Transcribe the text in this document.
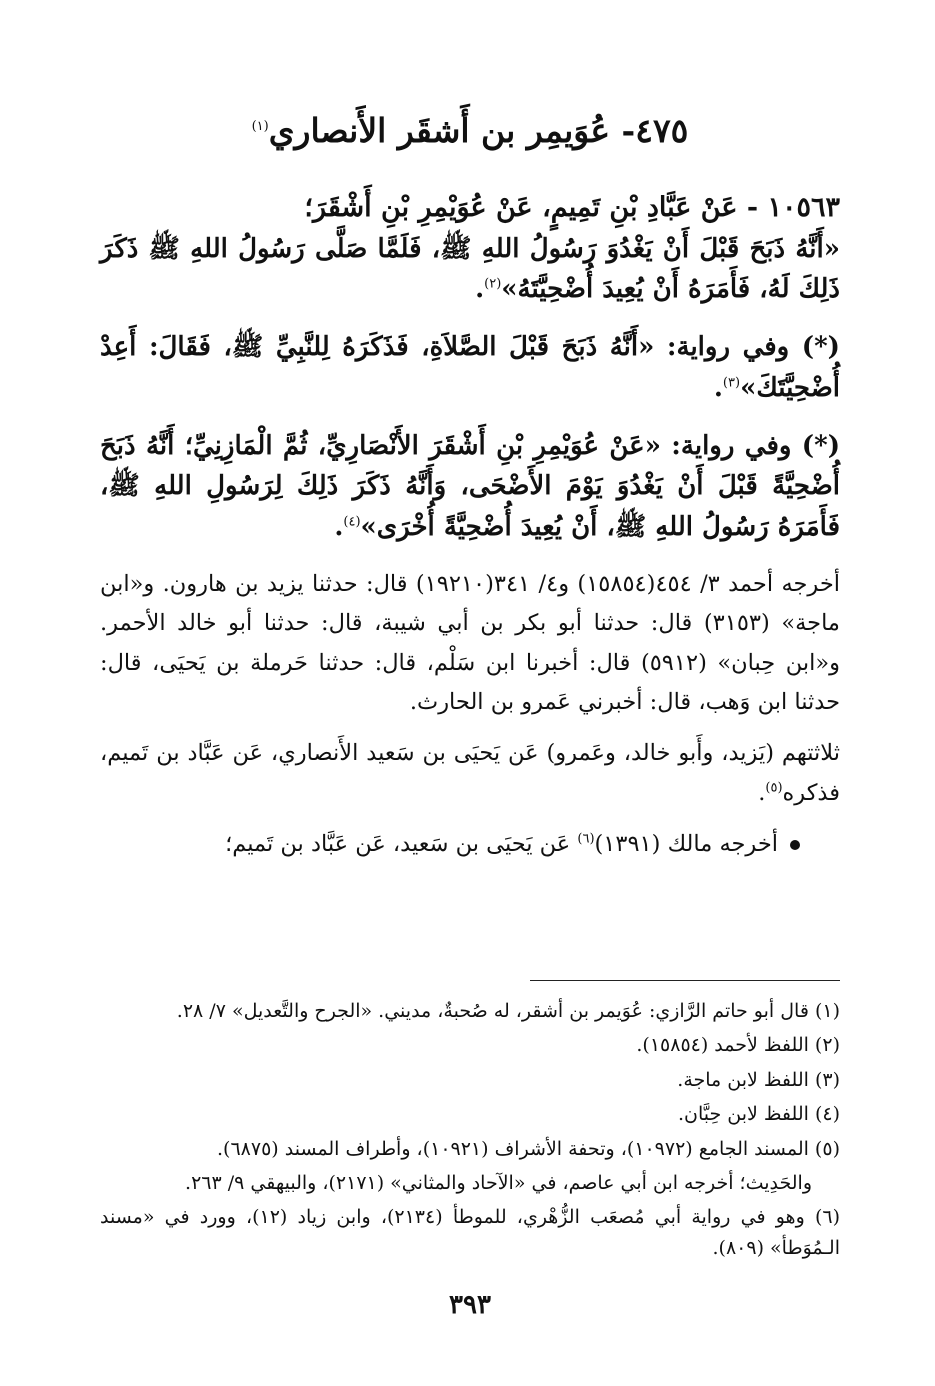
٤٧٥- عُوَيمِر بن أَشقَر الأَنصاري$^{(١)}$
١٠٥٦٣ - عَنْ عَبَّادِ بْنِ تَمِيمٍ، عَنْ عُوَيْمِرِ بْنِ أَشْقَرَ؛

«أَنَّهُ ذَبَحَ قَبْلَ أَنْ يَغْدُوَ رَسُولُ اللهِ ﷺ، فَلَمَّا صَلَّى رَسُولُ اللهِ ﷺ ذَكَرَ ذَلِكَ لَهُ، فَأَمَرَهُ أَنْ يُعِيدَ أُضْحِيَّتَهُ»$^{(٢)}$.

(*) وفي رواية: «أَنَّهُ ذَبَحَ قَبْلَ الصَّلاَةِ، فَذَكَرَهُ لِلنَّبِيِّ ﷺ، فَقَالَ: أَعِدْ أُضْحِيَّتَكَ»$^{(٣)}$.

(*) وفي رواية: «عَنْ عُوَيْمِرِ بْنِ أَشْقَرَ الأَنْصَارِيِّ، ثُمَّ الْمَازِنِيِّ؛ أَنَّهُ ذَبَحَ أُضْحِيَّةً قَبْلَ أَنْ يَغْدُوَ يَوْمَ الأَضْحَى، وَأَنَّهُ ذَكَرَ ذَلِكَ لِرَسُولِ اللهِ ﷺ، فَأَمَرَهُ رَسُولُ اللهِ ﷺ، أَنْ يُعِيدَ أُضْحِيَّةً أُخْرَى»$^{(٤)}$.

أخرجه أحمد ٣/ ٤٥٤(١٥٨٥٤) و٤/ ٣٤١(١٩٢١٠) قال: حدثنا يزيد بن هارون. و«ابن ماجة» (٣١٥٣) قال: حدثنا أبو بكر بن أبي شيبة، قال: حدثنا أبو خالد الأحمر. و«ابن حِبان» (٥٩١٢) قال: أخبرنا ابن سَلْم، قال: حدثنا حَرملة بن يَحيَى، قال: حدثنا ابن وَهب، قال: أخبرني عَمرو بن الحارث.

ثلاثتهم (يَزيد، وأَبو خالد، وعَمرو) عَن يَحيَى بن سَعيد الأَنصاري، عَن عَبَّاد بن تَميم، فذكره$^{(٥)}$.

أخرجه مالك (١٣٩١)$^{(٦)}$ عَن يَحيَى بن سَعيد، عَن عَبَّاد بن تَميم؛

(١) قال أبو حاتم الرَّازي: عُوَيمر بن أشقر، له صُحبةٌ، مديني. «الجرح والتَّعديل» ٧/ ٢٨.

(٢) اللفظ لأحمد (١٥٨٥٤).

(٣) اللفظ لابن ماجة.

(٤) اللفظ لابن حِبَّان.

(٥) المسند الجامع (١٠٩٧٢)، وتحفة الأشراف (١٠٩٢١)، وأطراف المسند (٦٨٧٥).

والحَدِيث؛ أخرجه ابن أبي عاصم، في «الآحاد والمثاني» (٢١٧١)، والبيهقي ٩/ ٢٦٣.

(٦) وهو في رواية أبي مُصعَب الزُّهْري، للموطأ (٢١٣٤)، وابن زياد (١٢)، وورد في «مسند الـمُوَطأ» (٨٠٩).

٣٩٣
